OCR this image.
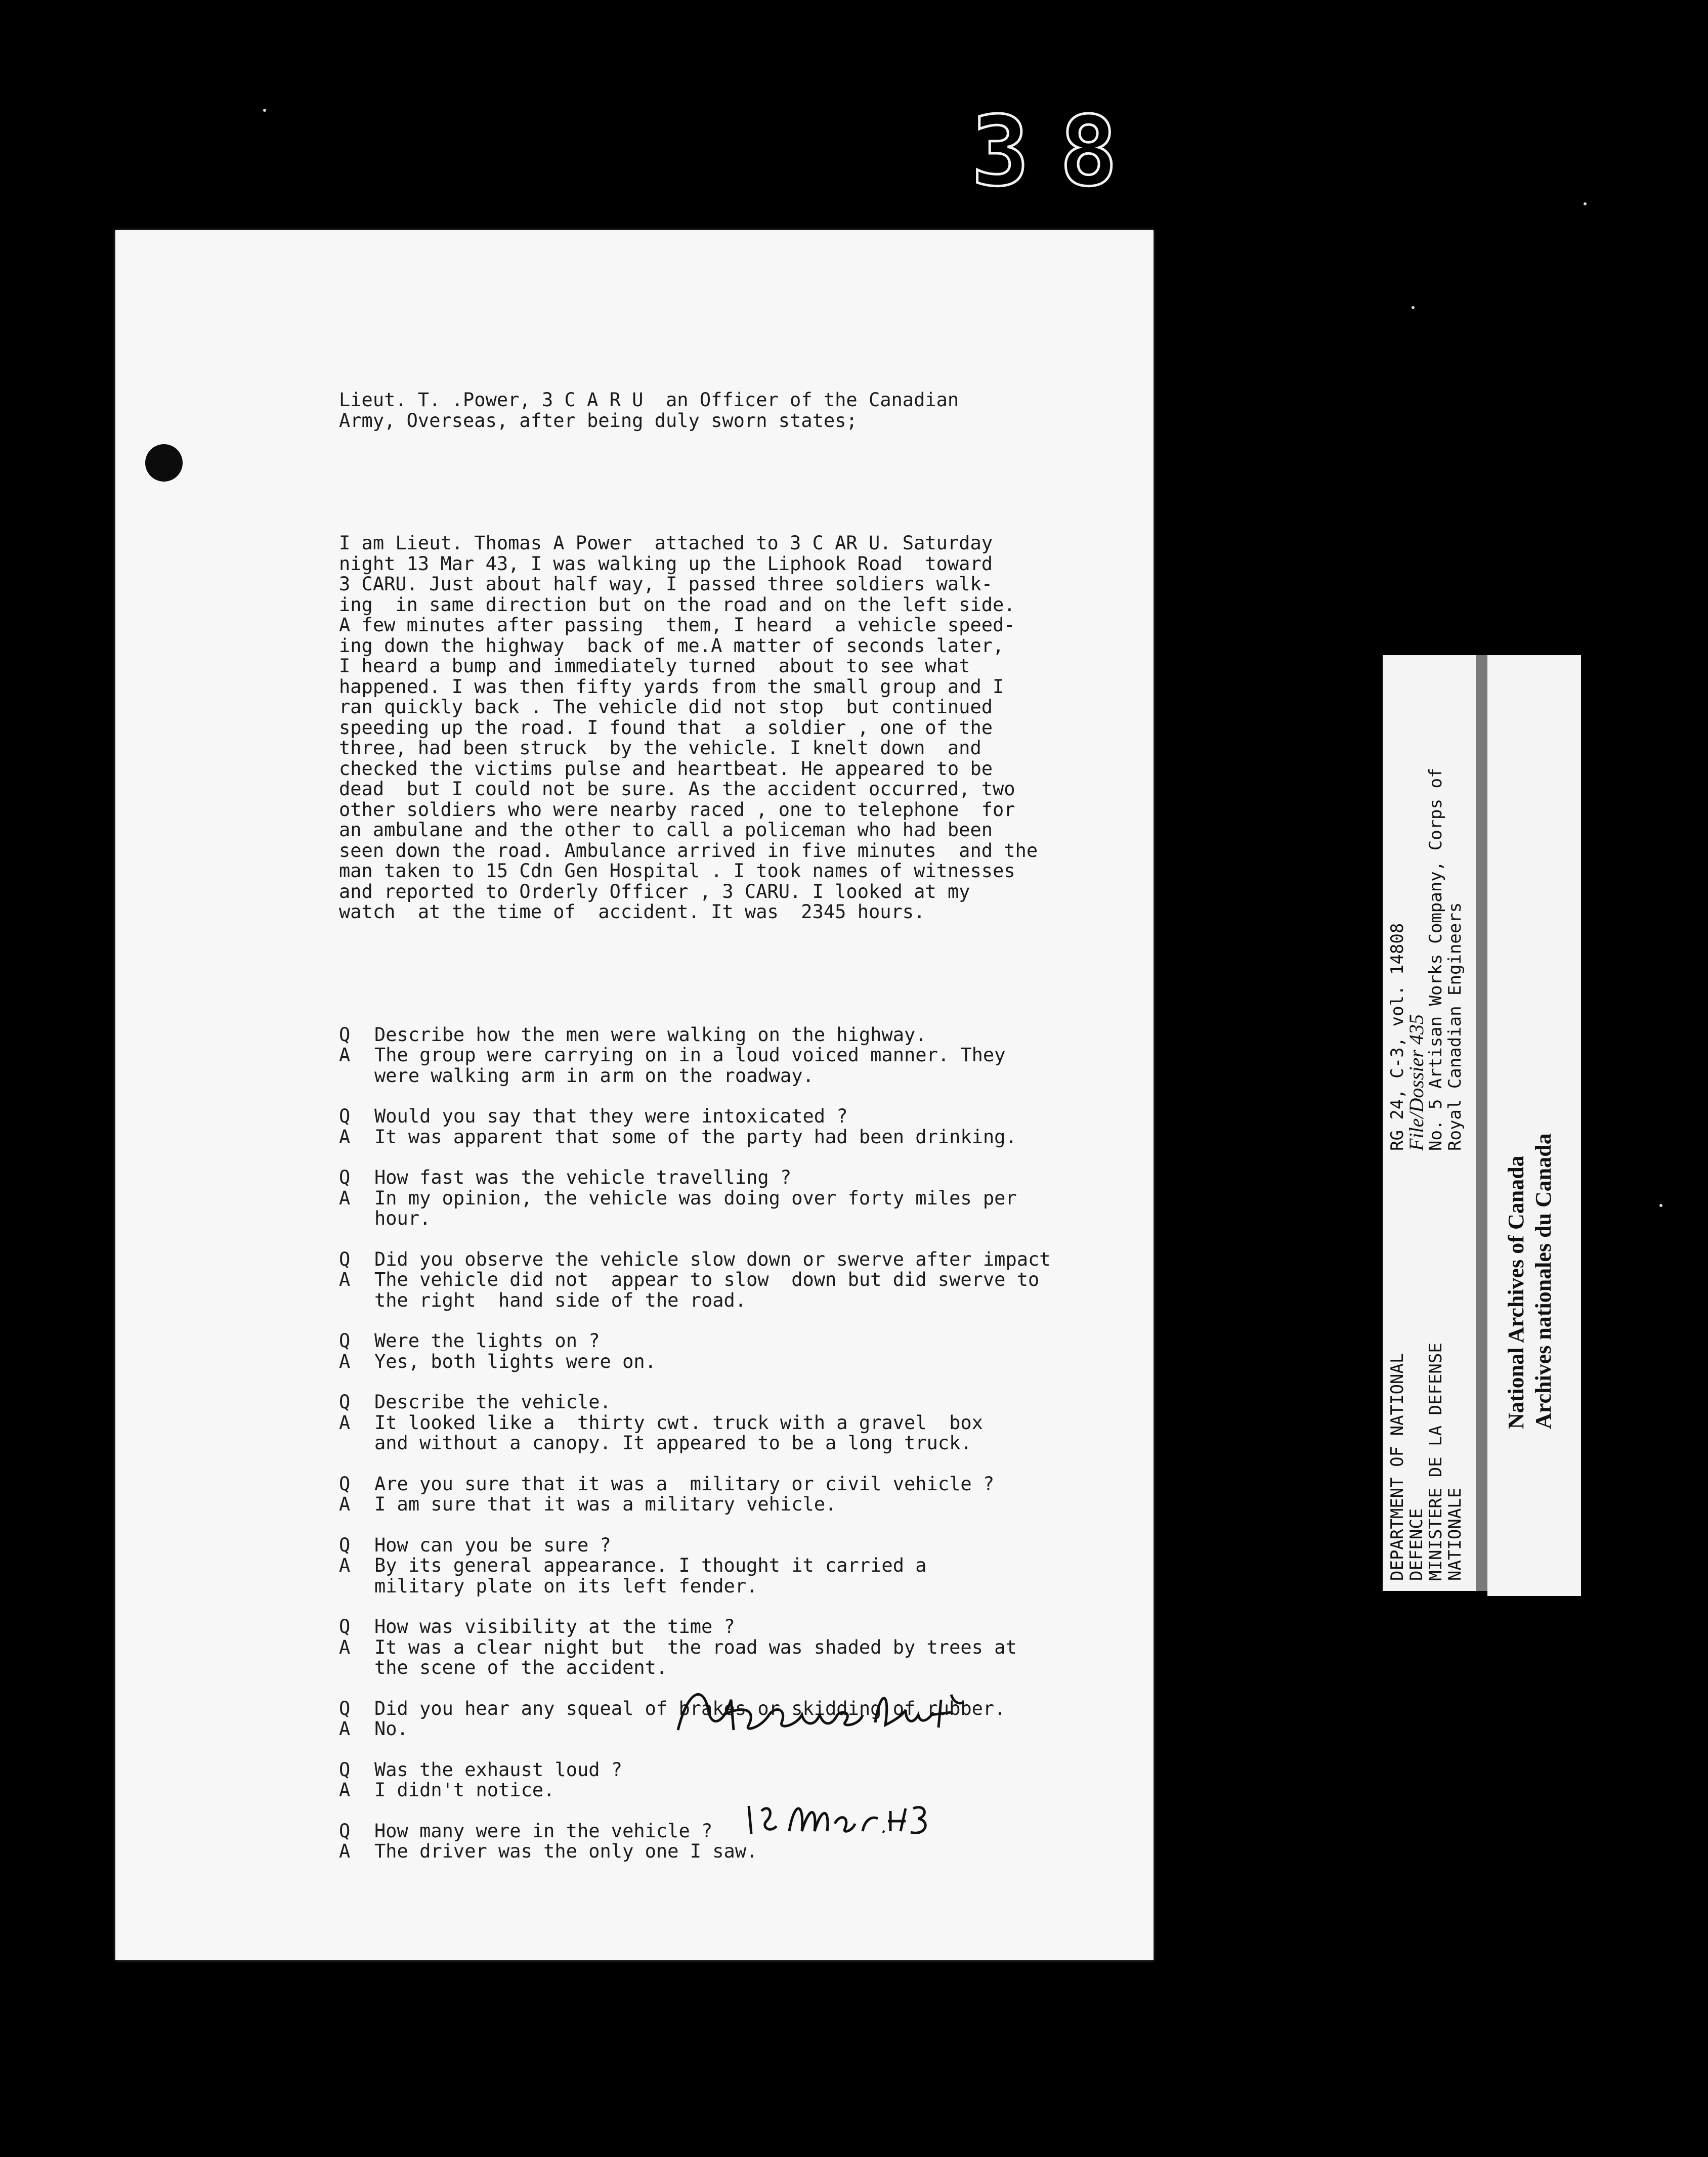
38

Lieut. T. .Power, 3 C A R U  an Officer of the Canadian
Army, Overseas, after being duly sworn states;

I am Lieut. Thomas A Power  attached to 3 C AR U. Saturday
night 13 Mar 43, I was walking up the Liphook Road  toward
3 CARU. Just about half way, I passed three soldiers walk-
ing  in same direction but on the road and on the left side.
A few minutes after passing  them, I heard  a vehicle speed-
ing down the highway  back of me.A matter of seconds later,
I heard a bump and immediately turned  about to see what
happened. I was then fifty yards from the small group and I
ran quickly back . The vehicle did not stop  but continued
speeding up the road. I found that  a soldier , one of the
three, had been struck  by the vehicle. I knelt down  and
checked the victims pulse and heartbeat. He appeared to be
dead  but I could not be sure. As the accident occurred, two
other soldiers who were nearby raced , one to telephone  for
an ambulane and the other to call a policeman who had been
seen down the road. Ambulance arrived in five minutes  and the
man taken to 15 Cdn Gen Hospital . I took names of witnesses
and reported to Orderly Officer , 3 CARU. I looked at my
watch  at the time of  accident. It was  2345 hours.

Q	Describe how the men were walking on the highway.
A	The group were carrying on in a loud voiced manner. They
were walking arm in arm on the roadway.
Q	Would you say that they were intoxicated ?
A	It was apparent that some of the party had been drinking.
Q	How fast was the vehicle travelling ?
A	In my opinion, the vehicle was doing over forty miles per
hour.
Q	Did you observe the vehicle slow down or swerve after impact
A	The vehicle did not  appear to slow  down but did swerve to
the right  hand side of the road.
Q	Were the lights on ?
A	Yes, both lights were on.
Q	Describe the vehicle.
A	It looked like a  thirty cwt. truck with a gravel  box
and without a canopy. It appeared to be a long truck.
Q	Are you sure that it was a  military or civil vehicle ?
A	I am sure that it was a military vehicle.
Q	How can you be sure ?
A	By its general appearance. I thought it carried a
military plate on its left fender.
Q	How was visibility at the time ?
A	It was a clear night but  the road was shaded by trees at
the scene of the accident.
Q	Did you hear any squeal of brakes or skidding of rubber.
A	No.
Q	Was the exhaust loud ?
A	I didn't notice.
Q	How many were in the vehicle ?
A	The driver was the only one I saw.

DEPARTMENT OF NATIONAL
DEFENCE
MINISTERE DE LA DEFENSE
NATIONALE
RG 24, C-3, vol. 14808
File/Dossier 435
No. 5 Artisan Works Company, Corps of
Royal Canadian Engineers
National Archives of Canada Archives nationales du Canada
